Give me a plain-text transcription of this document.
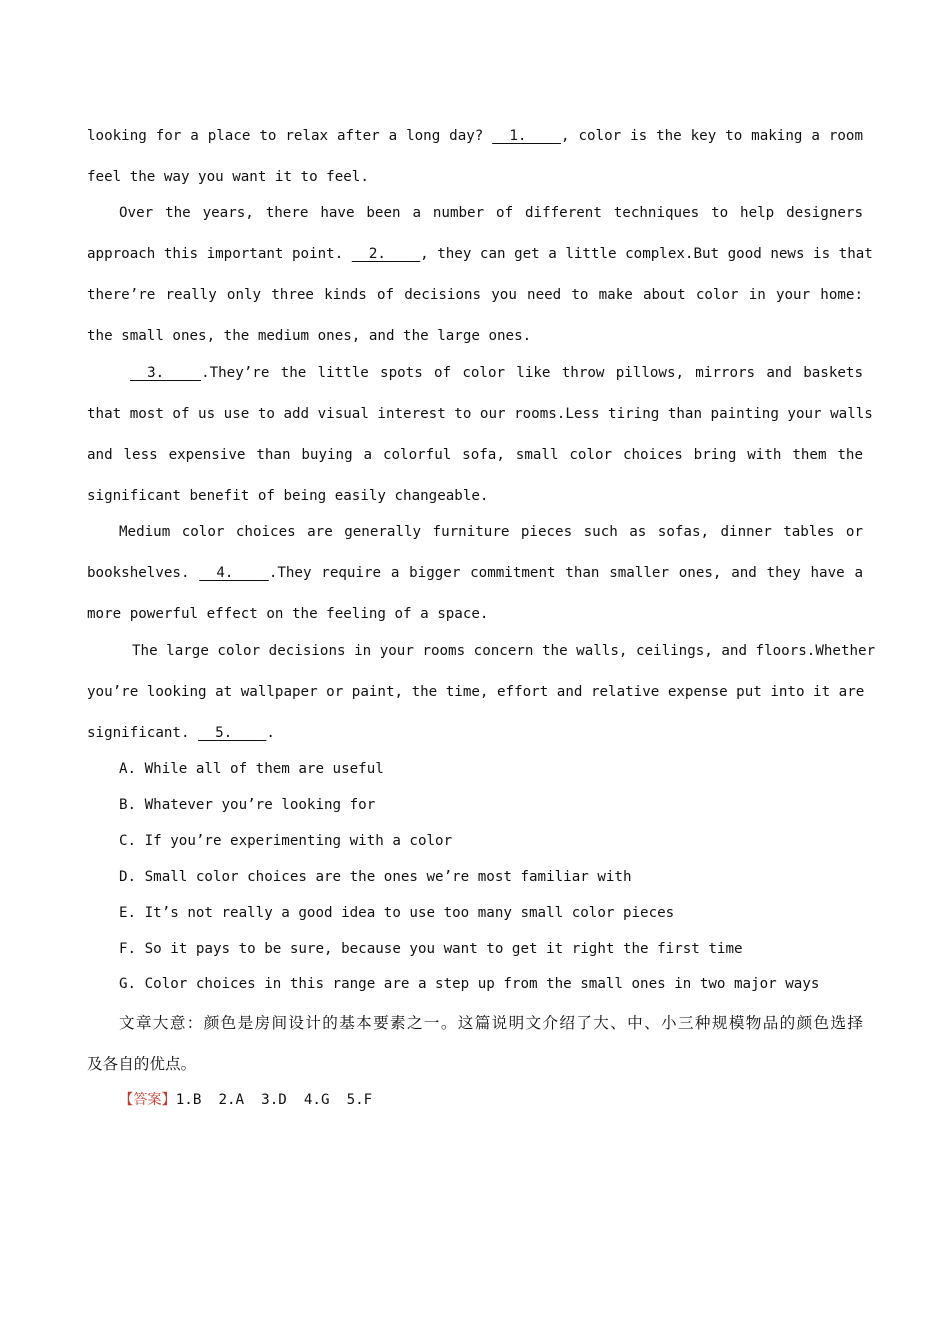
looking for a place to relax after a long day? __1.___ , color is the key to making a room
feel the way you want it to feel.
Over the years, there have been a number of different techniques to help designers
approach this important point. __2.___ , they can get a little complex.But good news is that
there’re really only three kinds of decisions you need to make about color in your home:
the small ones, the medium ones, and the large ones.
__3.___ .They’re the little spots of color like throw pillows, mirrors and baskets
that most of us use to add visual interest to our rooms.Less tiring than painting your walls
and less expensive than buying a colorful sofa, small color choices bring with them the
significant benefit of being easily changeable.
Medium color choices are generally furniture pieces such as sofas, dinner tables or
bookshelves. __4.___ .They require a bigger commitment than smaller ones, and they have a
more powerful effect on the feeling of a space.
The large color decisions in your rooms concern the walls, ceilings, and floors.Whether
you’re looking at wallpaper or paint, the time, effort and relative expense put into it are
significant. __5.___ .
A. While all of them are useful
B. Whatever you’re looking for
C. If you’re experimenting with a color
D. Small color choices are the ones we’re most familiar with
E. It’s not really a good idea to use too many small color pieces
F. So it pays to be sure, because you want to get it right the first time
G. Color choices in this range are a step up from the small ones in two major ways
文章大意：颜色是房间设计的基本要素之一。这篇说明文介绍了大、中、小三种规模物品的颜色选择
及各自的优点。
【答案】1.B  2.A  3.D  4.G  5.F
